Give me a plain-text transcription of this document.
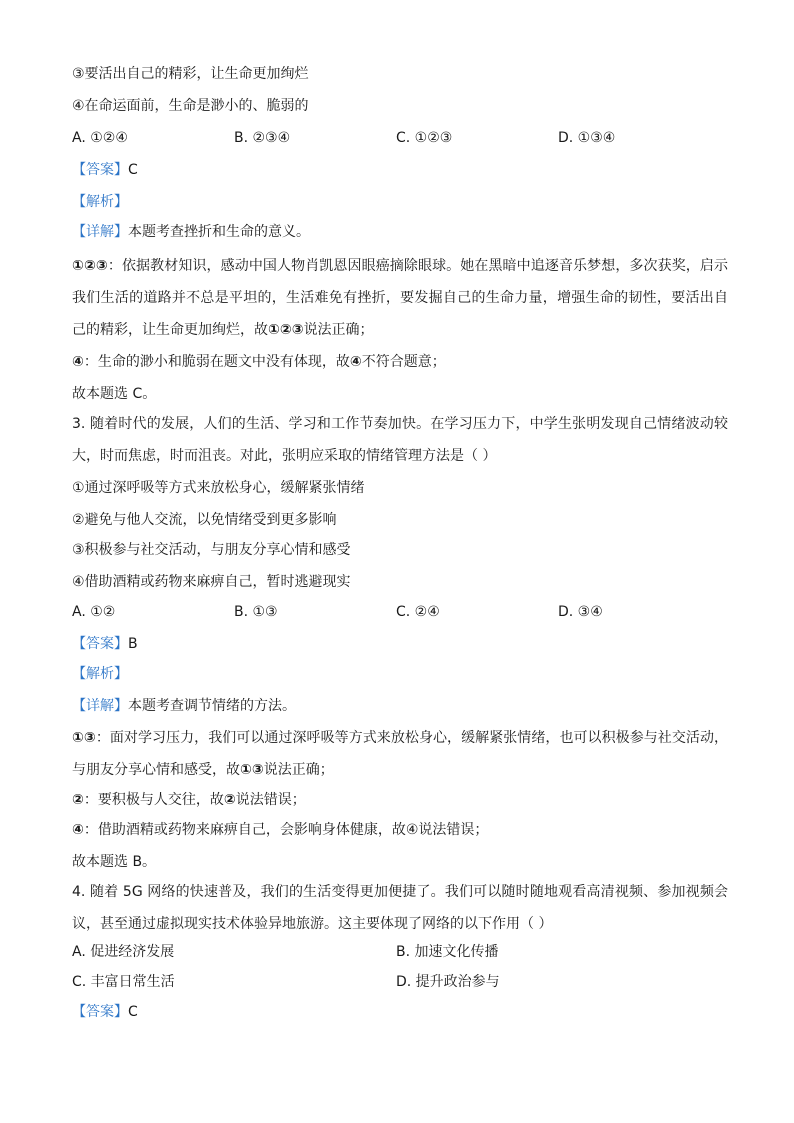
③要活出自己的精彩，让生命更加绚烂
④在命运面前，生命是渺小的、脆弱的
A. ①②④	B. ②③④	C. ①②③	D. ①③④
【答案】C
【解析】
【详解】本题考查挫折和生命的意义。
①②③：依据教材知识，感动中国人物肖凯恩因眼癌摘除眼球。她在黑暗中追逐音乐梦想，多次获奖，启示我们生活的道路并不总是平坦的，生活难免有挫折，要发掘自己的生命力量，增强生命的韧性，要活出自己的精彩，让生命更加绚烂，故①②③说法正确；
④：生命的渺小和脆弱在题文中没有体现，故④不符合题意；
故本题选 C。
3. 随着时代的发展，人们的生活、学习和工作节奏加快。在学习压力下，中学生张明发现自己情绪波动较大，时而焦虑，时而沮丧。对此，张明应采取的情绪管理方法是（ ）
①通过深呼吸等方式来放松身心，缓解紧张情绪
②避免与他人交流，以免情绪受到更多影响
③积极参与社交活动，与朋友分享心情和感受
④借助酒精或药物来麻痹自己，暂时逃避现实
A. ①②	B. ①③	C. ②④	D. ③④
【答案】B
【解析】
【详解】本题考查调节情绪的方法。
①③：面对学习压力，我们可以通过深呼吸等方式来放松身心，缓解紧张情绪，也可以积极参与社交活动，与朋友分享心情和感受，故①③说法正确；
②：要积极与人交往，故②说法错误；
④：借助酒精或药物来麻痹自己，会影响身体健康，故④说法错误；
故本题选 B。
4. 随着 5G 网络的快速普及，我们的生活变得更加便捷了。我们可以随时随地观看高清视频、参加视频会议，甚至通过虚拟现实技术体验异地旅游。这主要体现了网络的以下作用（ ）
A. 促进经济发展	B. 加速文化传播
C. 丰富日常生活	D. 提升政治参与
【答案】C
